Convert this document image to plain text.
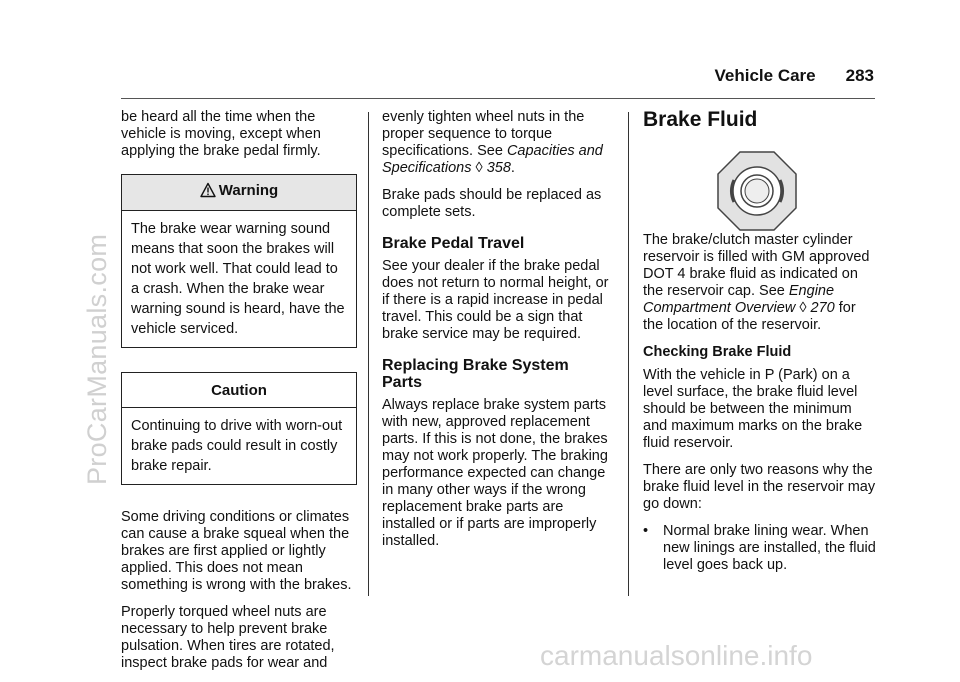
Vehicle Care 283
ProCarManuals.com

be heard all the time when the vehicle is moving, except when applying the brake pedal firmly.

Warning
The brake wear warning sound means that soon the brakes will not work well. That could lead to a crash. When the brake wear warning sound is heard, have the vehicle serviced.
Caution
Continuing to drive with worn-out brake pads could result in costly brake repair.

Some driving conditions or climates can cause a brake squeal when the brakes are first applied or lightly applied. This does not mean something is wrong with the brakes.

Properly torqued wheel nuts are necessary to help prevent brake pulsation. When tires are rotated, inspect brake pads for wear and

evenly tighten wheel nuts in the proper sequence to torque specifications. See Capacities and Specifications ◊ 358.

Brake pads should be replaced as complete sets.

Brake Pedal Travel

See your dealer if the brake pedal does not return to normal height, or if there is a rapid increase in pedal travel. This could be a sign that brake service may be required.

Replacing Brake System Parts

Always replace brake system parts with new, approved replacement parts. If this is not done, the brakes may not work properly. The braking performance expected can change in many other ways if the wrong replacement brake parts are installed or if parts are improperly installed.

Brake Fluid

The brake/clutch master cylinder reservoir is filled with GM approved DOT 4 brake fluid as indicated on the reservoir cap. See Engine Compartment Overview ◊ 270 for the location of the reservoir.

Checking Brake Fluid

With the vehicle in P (Park) on a level surface, the brake fluid level should be between the minimum and maximum marks on the brake fluid reservoir.

There are only two reasons why the brake fluid level in the reservoir may go down:

•	Normal brake lining wear. When new linings are installed, the fluid level goes back up.
carmanualsonline.info
